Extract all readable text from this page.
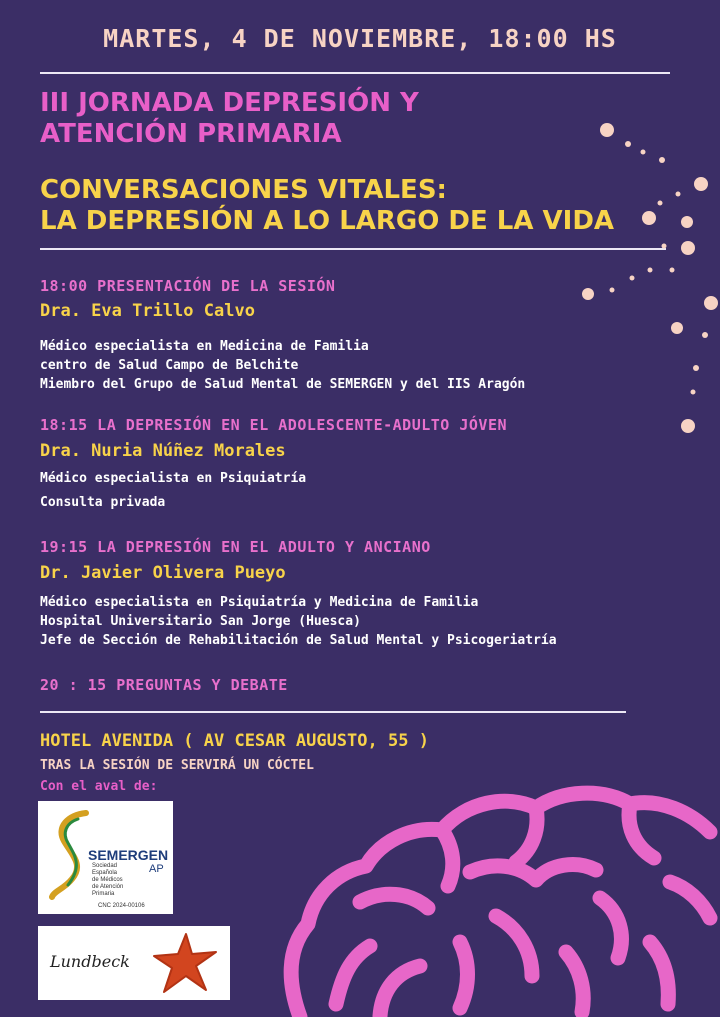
MARTES, 4 DE NOVIEMBRE, 18:00 HS
III JORNADA DEPRESIÓN Y
ATENCIÓN PRIMARIA
CONVERSACIONES VITALES:
LA DEPRESIÓN A LO LARGO DE LA VIDA
18:00 PRESENTACIÓN DE LA SESIÓN
Dra. Eva Trillo Calvo
Médico especialista en Medicina de Familia
centro de Salud Campo de Belchite
Miembro del Grupo de Salud Mental de SEMERGEN y del IIS Aragón
18:15 LA DEPRESIÓN EN EL ADOLESCENTE-ADULTO JÓVEN
Dra. Nuria Núñez Morales
Médico especialista en Psiquiatría
Consulta privada
19:15 LA DEPRESIÓN EN EL ADULTO Y ANCIANO
Dr. Javier Olivera Pueyo
Médico especialista en Psiquiatría y Medicina de Familia
Hospital Universitario San Jorge (Huesca)
Jefe de Sección de Rehabilitación de Salud Mental y Psicogeriatría
20 : 15 PREGUNTAS Y DEBATE
HOTEL AVENIDA ( AV CESAR AUGUSTO, 55 )
TRAS LA SESIÓN DE SERVIRÁ UN CÓCTEL
Con el aval de:
SEMERGEN
AP
Sociedad
Española
de Médicos
de Atención
Primaria
CNC 2024-00106
Lundbeck
